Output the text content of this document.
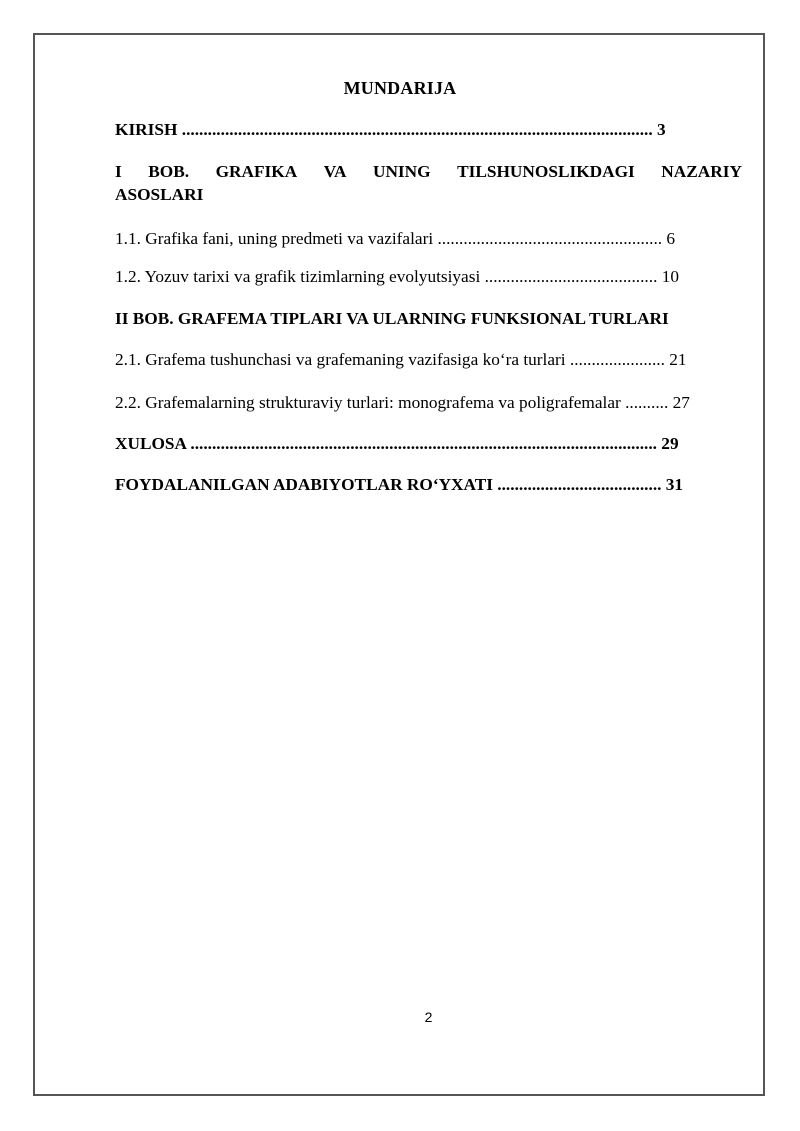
MUNDARIJA
KIRISH ............................................................................................................. 3
I BOB. GRAFIKA VA UNING TILSHUNOSLIKDAGI NAZARIY
ASOSLARI
1.1. Grafika fani, uning predmeti va vazifalari .................................................... 6
1.2. Yozuv tarixi va grafik tizimlarning evolyutsiyasi ........................................ 10
II BOB. GRAFEMA TIPLARI VA ULARNING FUNKSIONAL TURLARI
2.1. Grafema tushunchasi va grafemaning vazifasiga ko‘ra turlari ...................... 21
2.2. Grafemalarning strukturaviy turlari: monografema va poligrafemalar .......... 27
XULOSA ............................................................................................................ 29
FOYDALANILGAN ADABIYOTLAR RO‘YXATI ...................................... 31
2
